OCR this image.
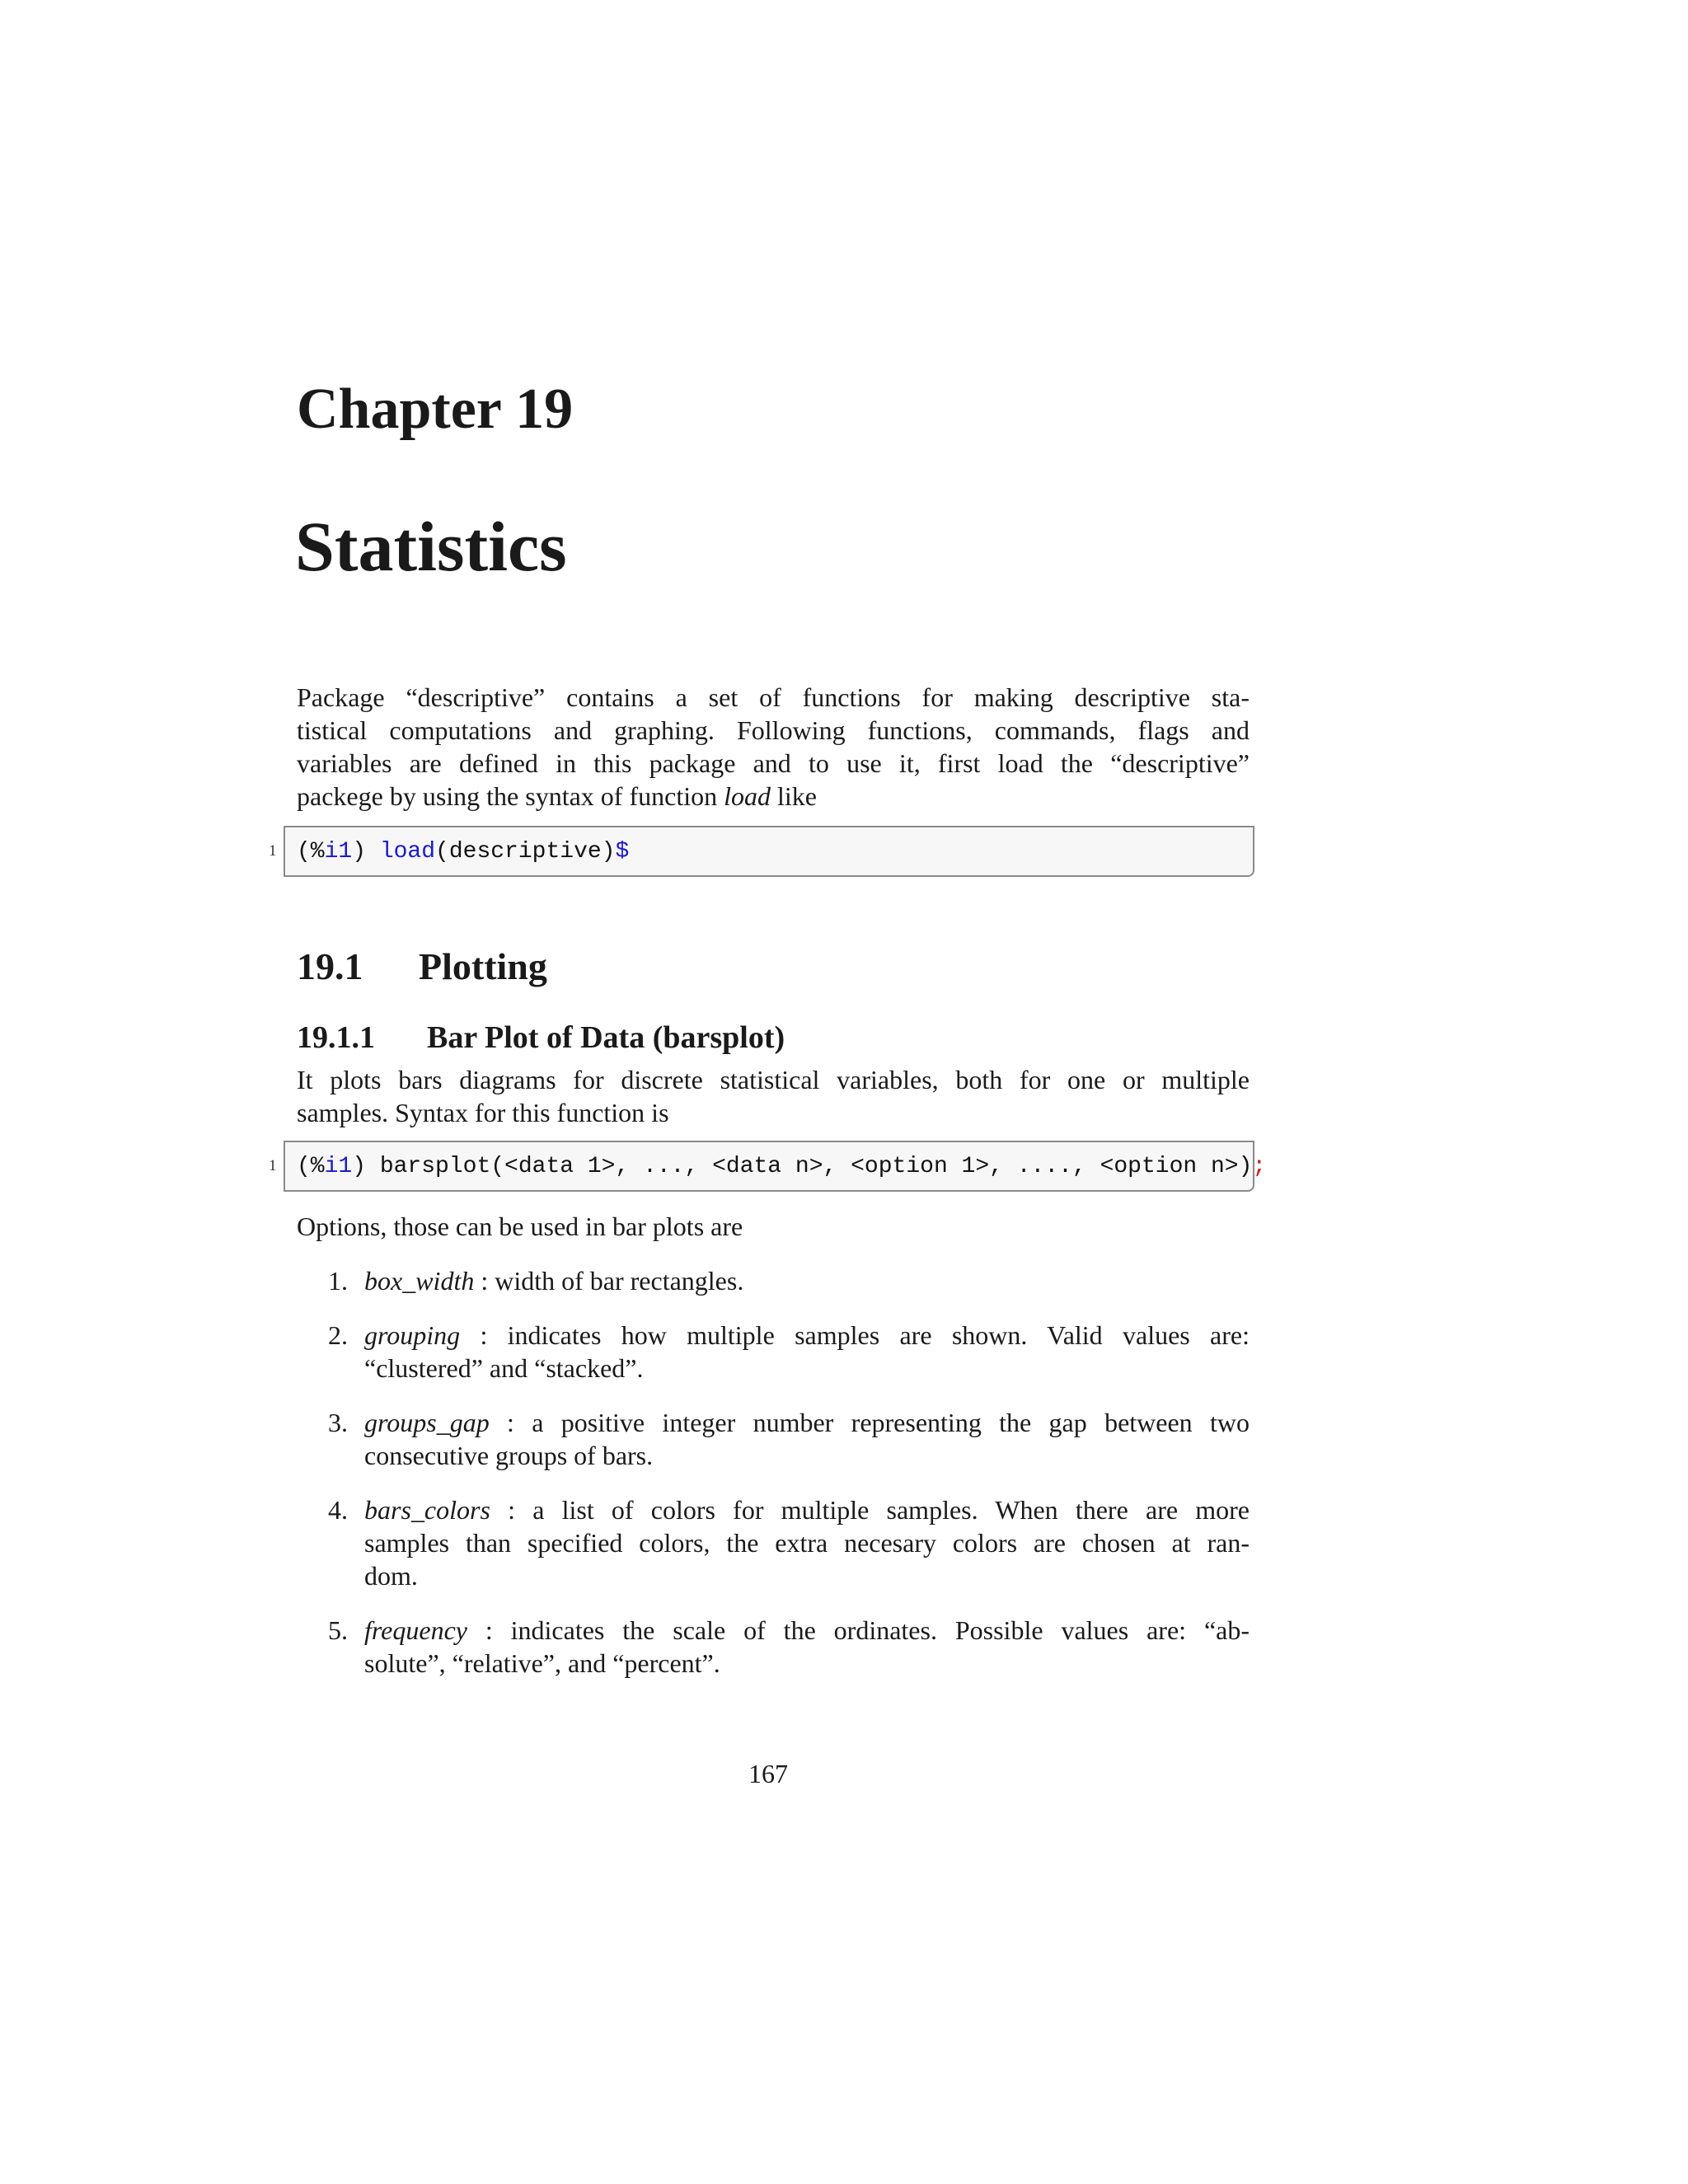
Chapter 19
Statistics
Package “descriptive” contains a set of functions for making descriptive sta-
tistical computations and graphing. Following functions, commands, flags and
variables are defined in this package and to use it, first load the “descriptive”
packege by using the syntax of function load like
1 (%i1) load(descriptive)$
19.1 Plotting
19.1.1 Bar Plot of Data (barsplot)
It plots bars diagrams for discrete statistical variables, both for one or multiple
samples. Syntax for this function is
1 (%i1) barsplot(<data 1>, ..., <data n>, <option 1>, ...., <option n>);
Options, those can be used in bar plots are
1. box_width : width of bar rectangles.
2. grouping : indicates how multiple samples are shown. Valid values are:
“clustered” and “stacked”.
3. groups_gap : a positive integer number representing the gap between two
consecutive groups of bars.
4. bars_colors : a list of colors for multiple samples. When there are more
samples than specified colors, the extra necesary colors are chosen at ran-
dom.
5. frequency : indicates the scale of the ordinates. Possible values are: “ab-
solute”, “relative”, and “percent”.
167
